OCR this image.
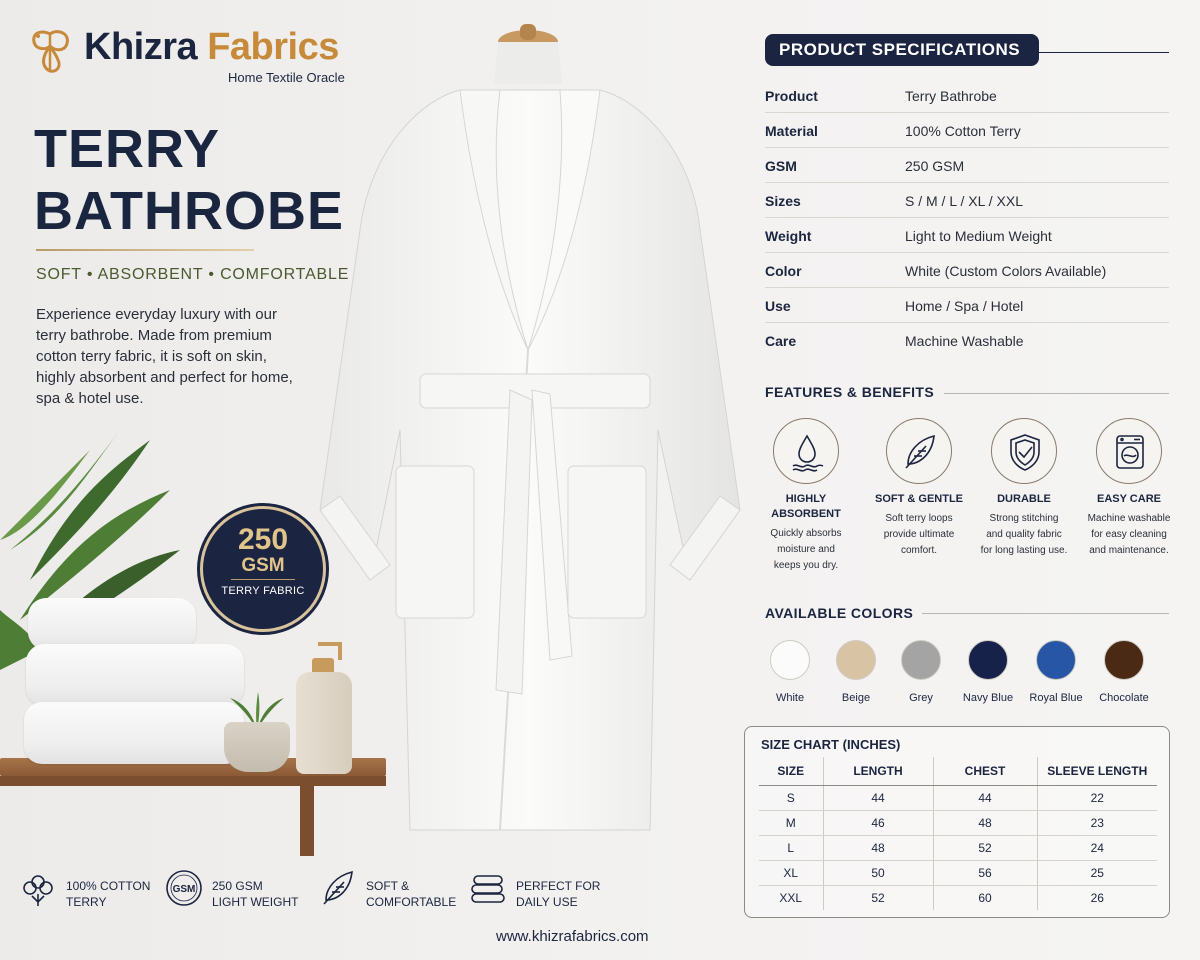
Khizra Fabrics
Home Textile Oracle
TERRY
BATHROBE
SOFT • ABSORBENT • COMFORTABLE
Experience everyday luxury with our terry bathrobe. Made from premium cotton terry fabric, it is soft on skin, highly absorbent and perfect for home, spa & hotel use.
250
GSM
TERRY FABRIC
100% COTTON
TERRY
GSM 250 GSM
LIGHT WEIGHT
SOFT &
COMFORTABLE
PERFECT FOR
DAILY USE
www.khizrafabrics.com
PRODUCT SPECIFICATIONS
Product	Terry Bathrobe
Material	100% Cotton Terry
GSM	250 GSM
Sizes	S / M / L / XL / XXL
Weight	Light to Medium Weight
Color	White (Custom Colors Available)
Use	Home / Spa / Hotel
Care	Machine Washable
FEATURES & BENEFITS
HIGHLY
ABSORBENT
Quickly absorbs
moisture and
keeps you dry.
SOFT & GENTLE
Soft terry loops
provide ultimate
comfort.
DURABLE
Strong stitching
and quality fabric
for long lasting use.
EASY CARE
Machine washable
for easy cleaning
and maintenance.
AVAILABLE COLORS
White	Beige	Grey	Navy Blue	Royal Blue	Chocolate
SIZE CHART (INCHES)
SIZE	LENGTH	CHEST	SLEEVE LENGTH
S	44	44	22
M	46	48	23
L	48	52	24
XL	50	56	25
XXL	52	60	26
